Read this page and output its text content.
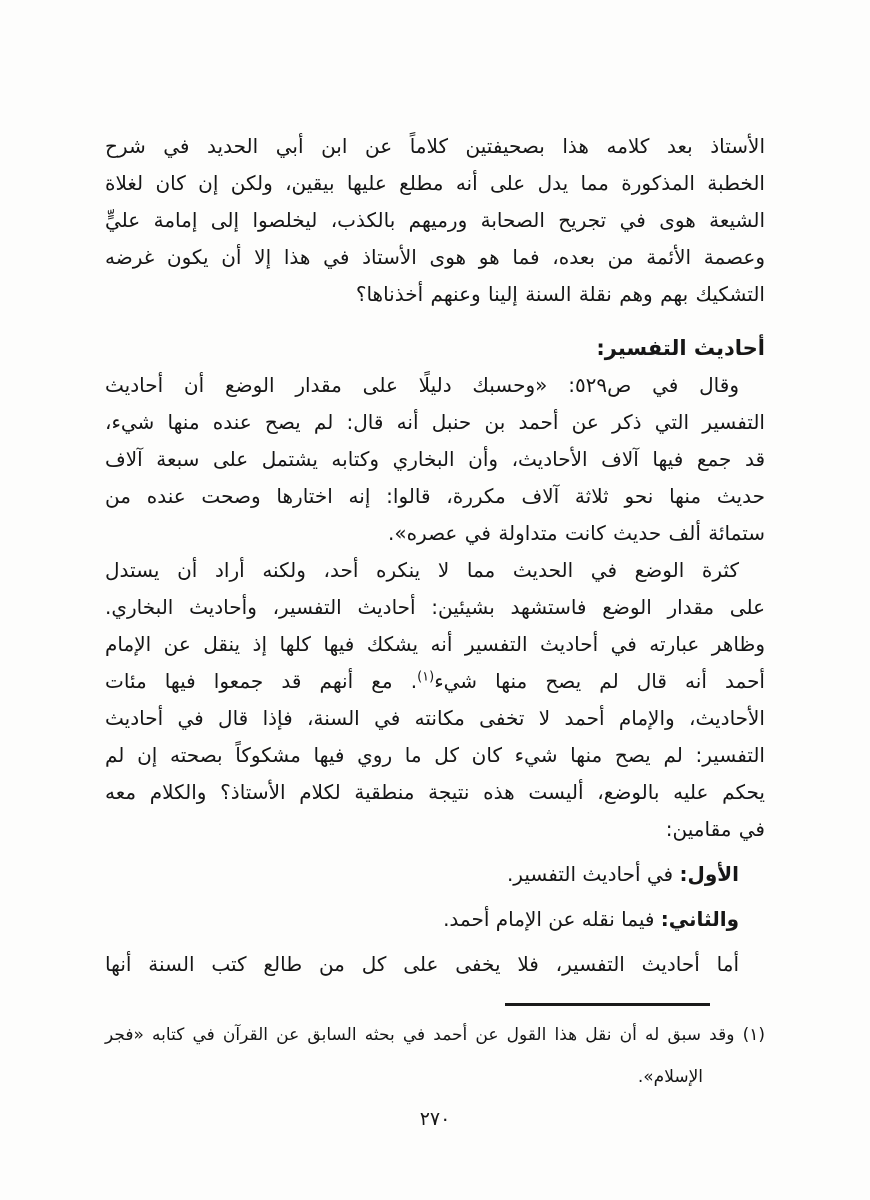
الأستاذ بعد كلامه هذا بصحيفتين كلاماً عن ابن أبي الحديد في شرح
الخطبة المذكورة مما يدل على أنه مطلع عليها بيقين، ولكن إن كان لغلاة
الشيعة هوى في تجريح الصحابة ورميهم بالكذب، ليخلصوا إلى إمامة عليٍّ
وعصمة الأئمة من بعده، فما هو هوى الأستاذ في هذا إلا أن يكون غرضه
التشكيك بهم وهم نقلة السنة إلينا وعنهم أخذناها؟
أحاديث التفسير:
وقال في ص٥٢٩: «وحسبك دليلًا على مقدار الوضع أن أحاديث
التفسير التي ذكر عن أحمد بن حنبل أنه قال: لم يصح عنده منها شيء،
قد جمع فيها آلاف الأحاديث، وأن البخاري وكتابه يشتمل على سبعة آلاف
حديث منها نحو ثلاثة آلاف مكررة، قالوا: إنه اختارها وصحت عنده من
ستمائة ألف حديث كانت متداولة في عصره».
كثرة الوضع في الحديث مما لا ينكره أحد، ولكنه أراد أن يستدل
على مقدار الوضع فاستشهد بشيئين: أحاديث التفسير، وأحاديث البخاري.
وظاهر عبارته في أحاديث التفسير أنه يشكك فيها كلها إذ ينقل عن الإمام
أحمد أنه قال لم يصح منها شيء$^{(١)}$. مع أنهم قد جمعوا فيها مئات
الأحاديث، والإمام أحمد لا تخفى مكانته في السنة، فإذا قال في أحاديث
التفسير: لم يصح منها شيء كان كل ما روي فيها مشكوكاً بصحته إن لم
يحكم عليه بالوضع، أليست هذه نتيجة منطقية لكلام الأستاذ؟ والكلام معه
في مقامين:
الأول: في أحاديث التفسير.
والثاني: فيما نقله عن الإمام أحمد.
أما أحاديث التفسير، فلا يخفى على كل من طالع كتب السنة أنها
(١) وقد سبق له أن نقل هذا القول عن أحمد في بحثه السابق عن القرآن في كتابه «فجر
الإسلام».
٢٧٠
